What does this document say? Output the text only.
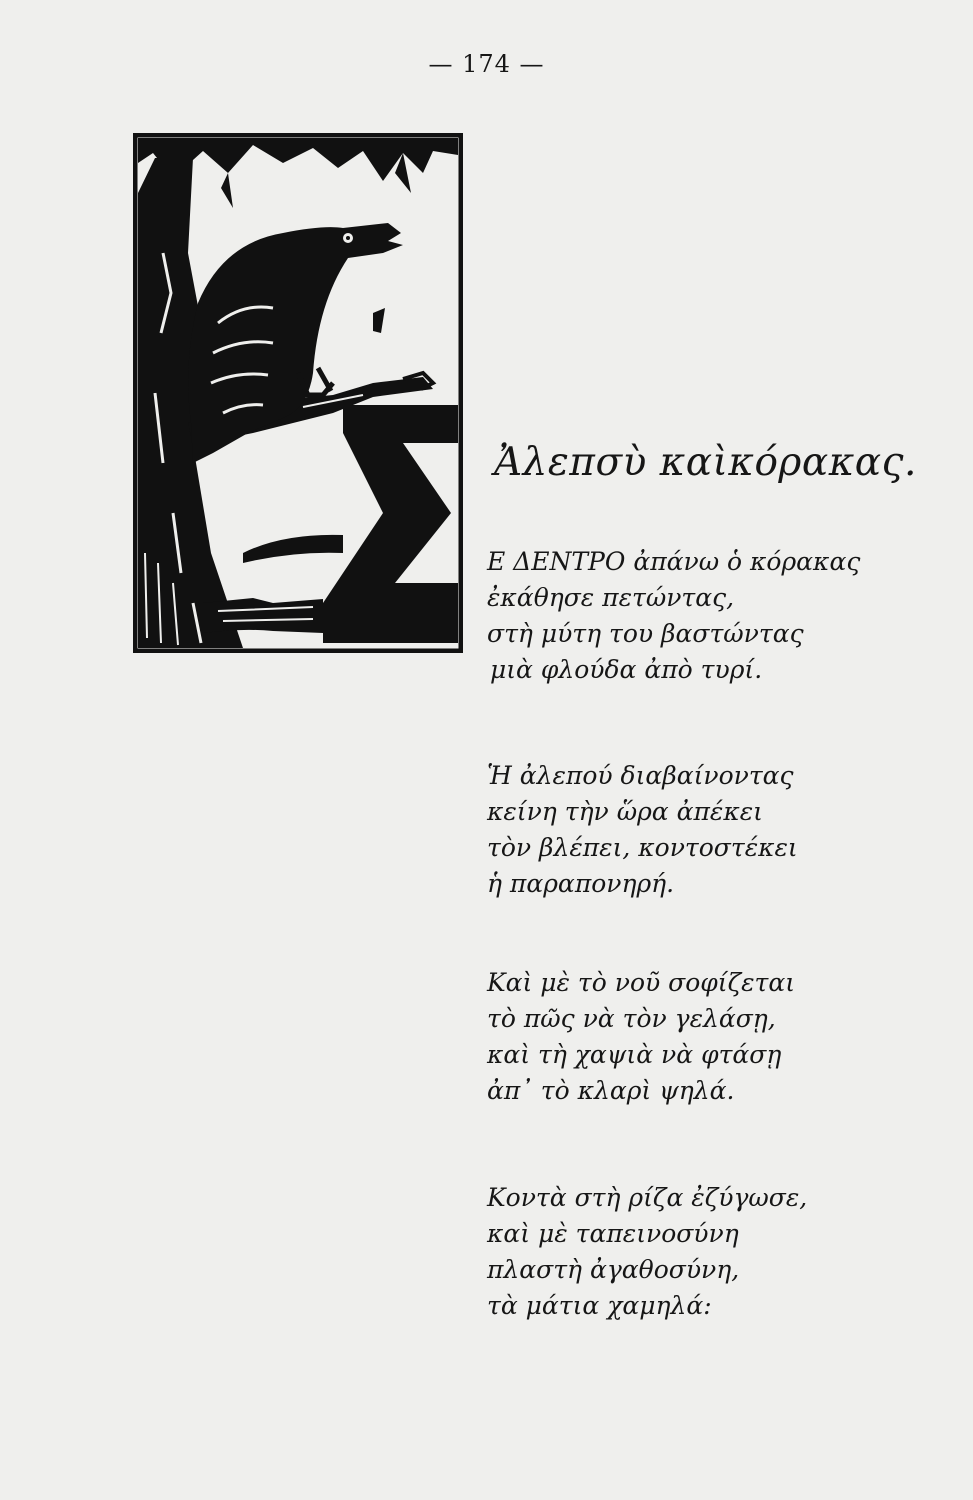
— 174 —
Ἀλεπσὺ καὶκόρακας.
Ε ΔΕΝΤΡΟ ἀπάνω ὁ κόρακας
ἐκάθησε πετώντας,
στὴ μύτη του βαστώντας
μιὰ φλούδα ἀπὸ τυρί.
Ἡ ἀλεπού διαβαίνοντας
κείνη τὴν ὥρα ἀπέκει
τὸν βλέπει, κοντοστέκει
ἡ παραπονηρή.
Καὶ μὲ τὸ νοῦ σοφίζεται
τὸ πῶς νὰ τὸν γελάσῃ,
καὶ τὴ χαψιὰ νὰ φτάσῃ
ἀπ᾽ τὸ κλαρὶ ψηλά.
Κοντὰ στὴ ρίζα ἐζύγωσε,
καὶ μὲ ταπεινοσύνη
πλαστὴ ἀγαθοσύνη,
τὰ μάτια χαμηλά:
